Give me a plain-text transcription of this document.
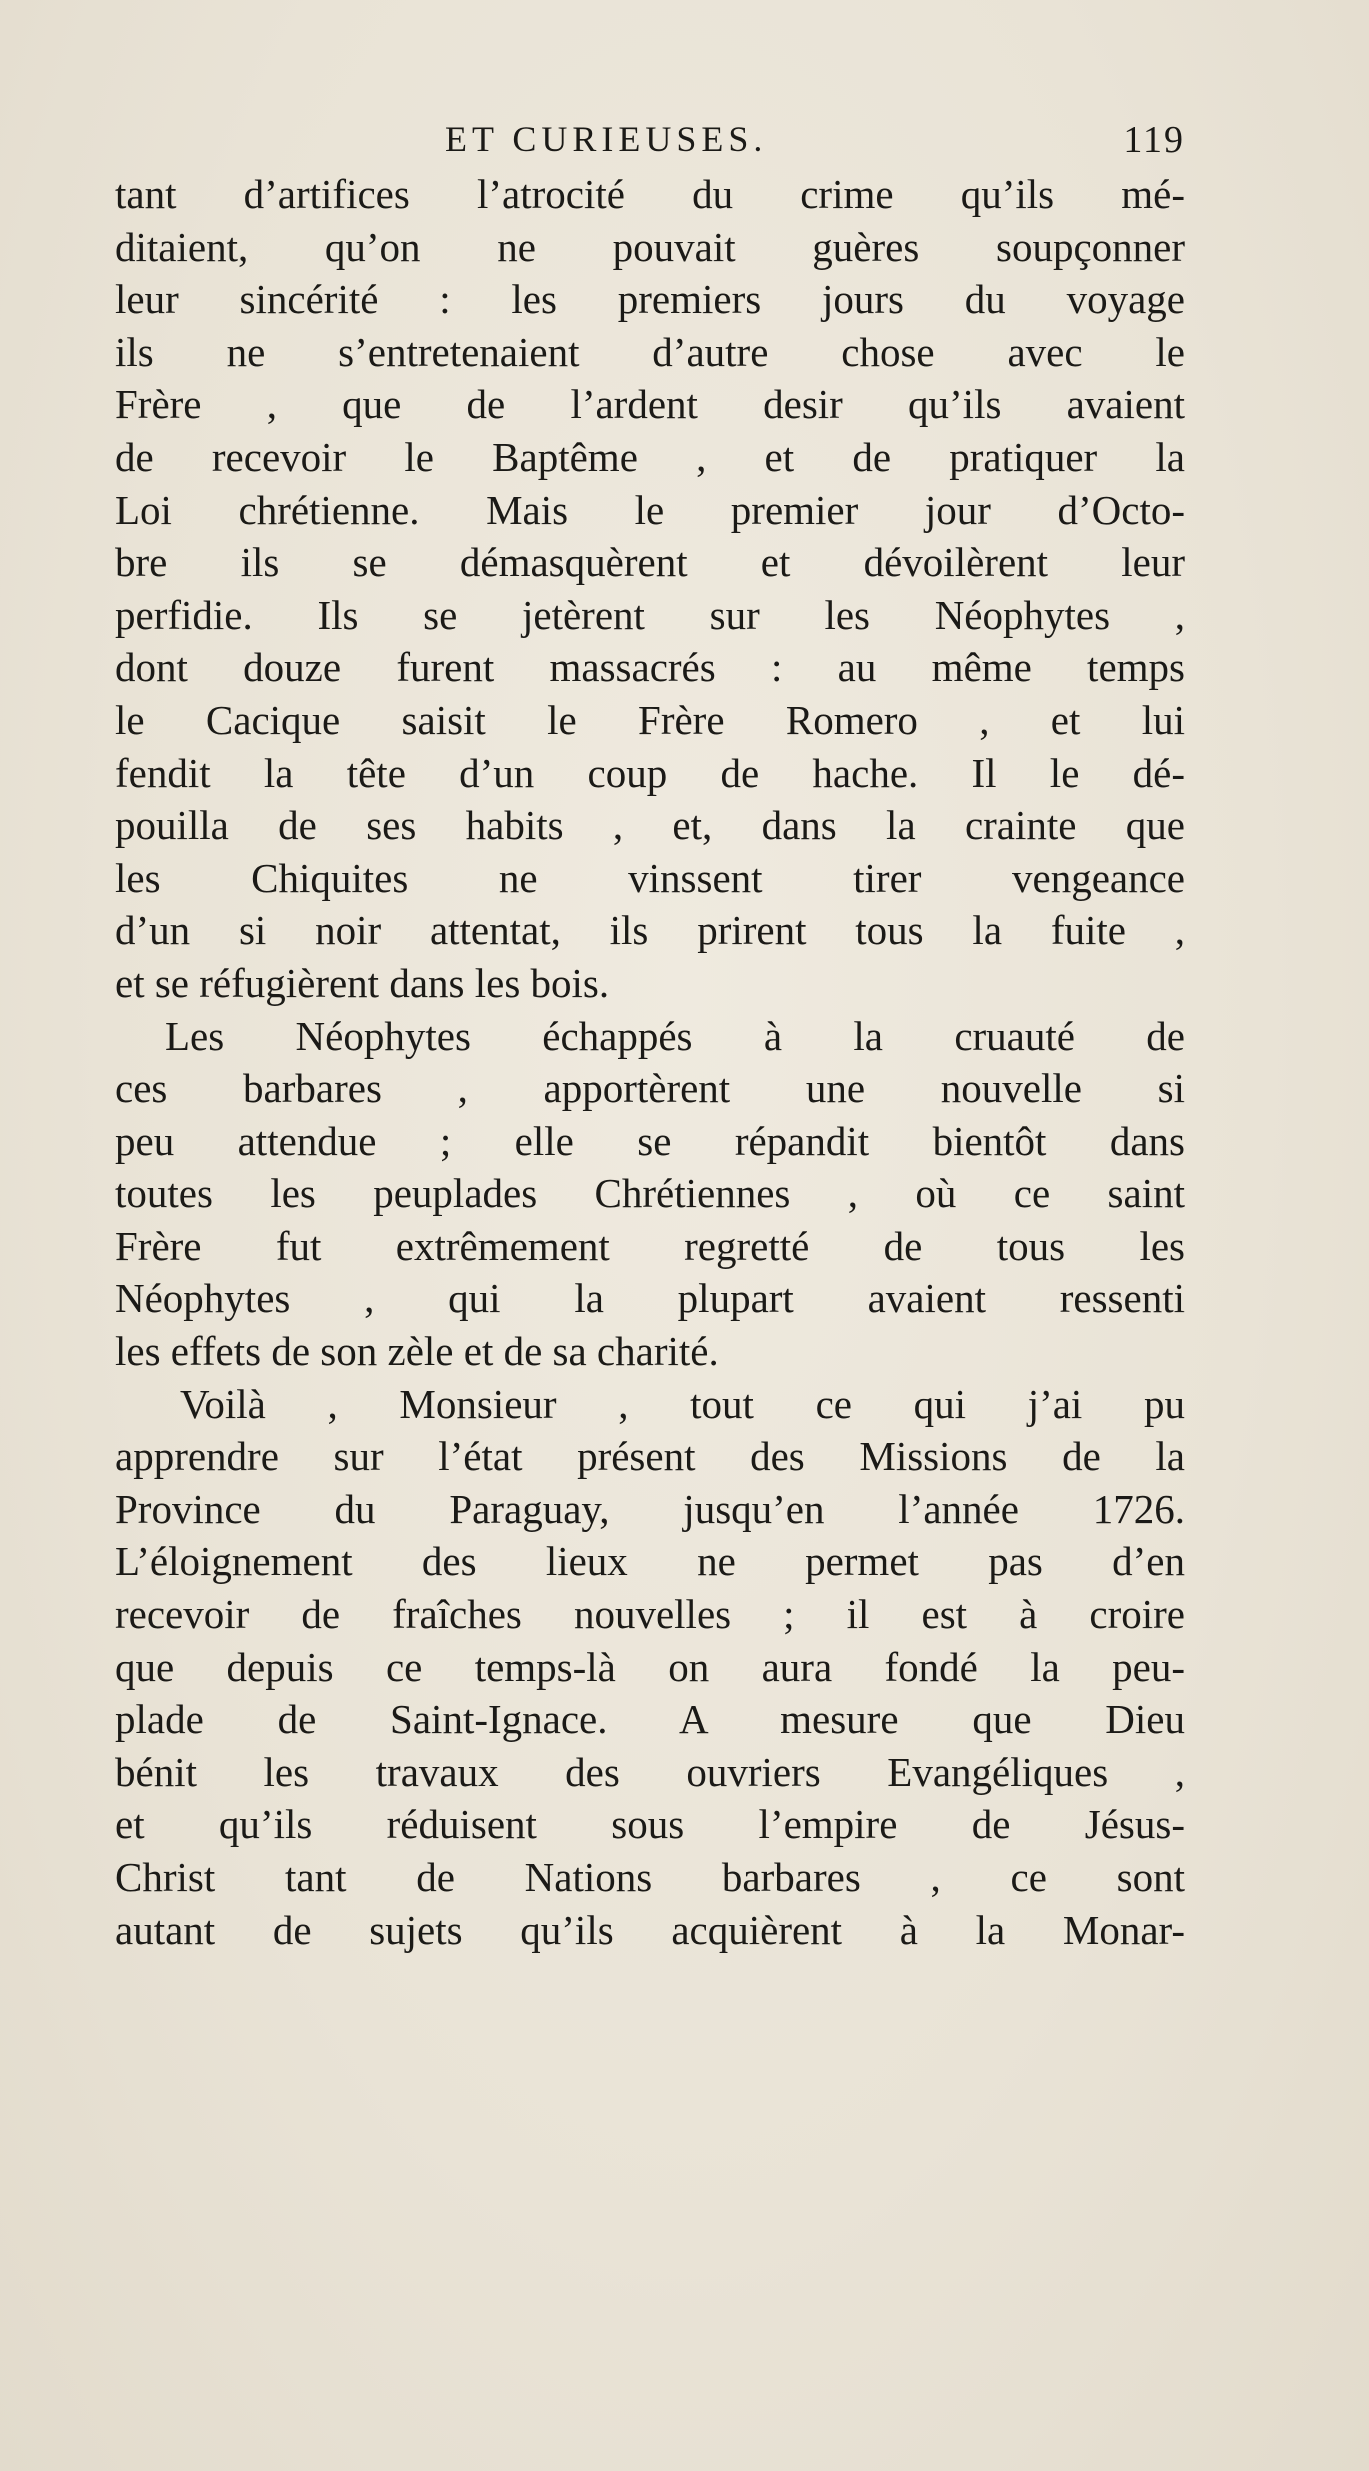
ET CURIEUSES.	119
tant d’artifices l’atrocité du crime qu’ils mé-
ditaient, qu’on ne pouvait guères soupçonner
leur sincérité : les premiers jours du voyage
ils ne s’entretenaient d’autre chose avec le
Frère , que de l’ardent desir qu’ils avaient
de recevoir le Baptême , et de pratiquer la
Loi chrétienne. Mais le premier jour d’Octo-
bre ils se démasquèrent et dévoilèrent leur
perfidie. Ils se jetèrent sur les Néophytes ,
dont douze furent massacrés : au même temps
le Cacique saisit le Frère Romero , et lui
fendit la tête d’un coup de hache. Il le dé-
pouilla de ses habits , et, dans la crainte que
les Chiquites ne vinssent tirer vengeance
d’un si noir attentat, ils prirent tous la fuite ,
et se réfugièrent dans les bois.
Les Néophytes échappés à la cruauté de
ces barbares , apportèrent une nouvelle si
peu attendue ; elle se répandit bientôt dans
toutes les peuplades Chrétiennes , où ce saint
Frère fut extrêmement regretté de tous les
Néophytes , qui la plupart avaient ressenti
les effets de son zèle et de sa charité.
Voilà , Monsieur , tout ce qui j’ai pu
apprendre sur l’état présent des Missions de la
Province du Paraguay, jusqu’en l’année 1726.
L’éloignement des lieux ne permet pas d’en
recevoir de fraîches nouvelles ; il est à croire
que depuis ce temps-là on aura fondé la peu-
plade de Saint-Ignace. A mesure que Dieu
bénit les travaux des ouvriers Evangéliques ,
et qu’ils réduisent sous l’empire de Jésus-
Christ tant de Nations barbares , ce sont
autant de sujets qu’ils acquièrent à la Monar-
